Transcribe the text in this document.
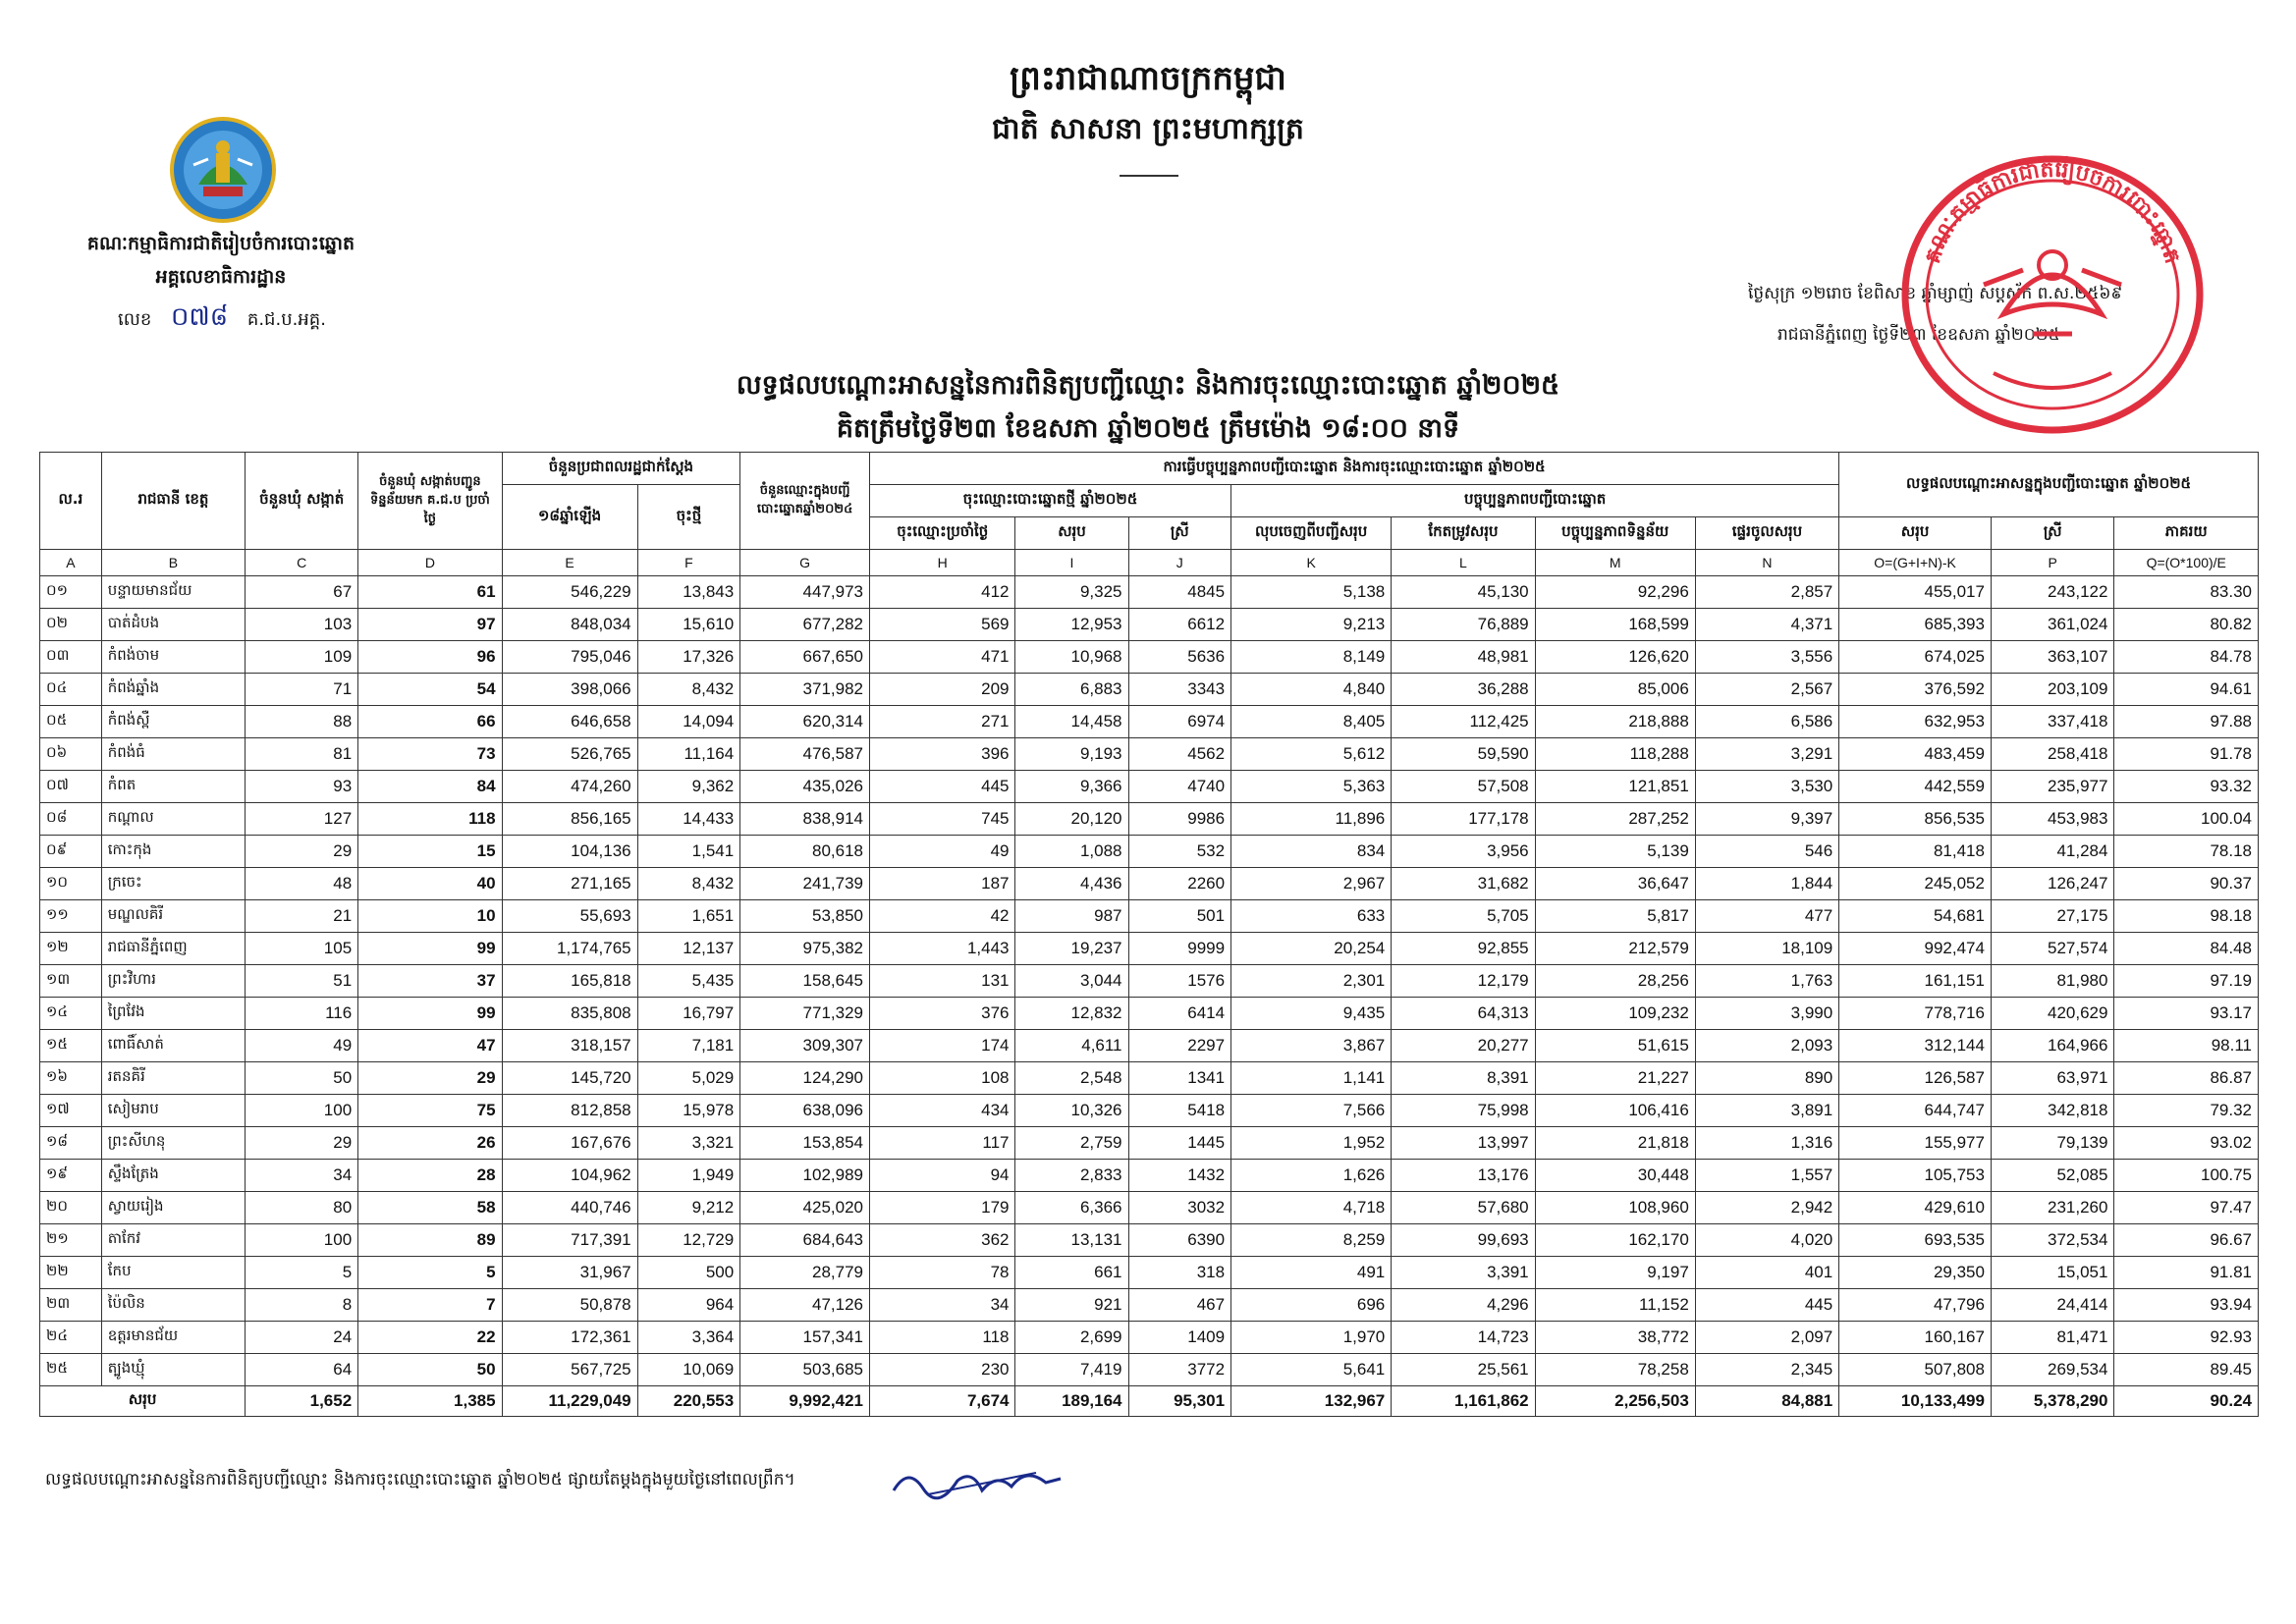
ព្រះរាជាណាចក្រកម្ពុជា
ជាតិ សាសនា ព្រះមហាក្សត្រ
គណៈកម្មាធិការជាតិរៀបចំការបោះឆ្នោត
អគ្គលេខាធិការដ្ឋាន
លេខ ០៧៨ គ.ជ.ប.អគ្គ.
ថ្ងៃសុក្រ ១២រោច ខែពិសាខ ឆ្នាំម្សាញ់ សប្តស័ក ព.ស.២៥៦៩
រាជធានីភ្នំពេញ ថ្ងៃទី២៣ ខែឧសភា ឆ្នាំ២០២៥
គណៈកម្មាធិការជាតិរៀបចំការបោះឆ្នោត
លទ្ធផលបណ្តោះអាសន្ននៃការពិនិត្យបញ្ជីឈ្មោះ និងការចុះឈ្មោះបោះឆ្នោត ឆ្នាំ២០២៥
គិតត្រឹមថ្ងៃទី២៣ ខែឧសភា ឆ្នាំ២០២៥ ត្រឹមម៉ោង ១៨:០០ នាទី
ល.រ	រាជធានី ខេត្ត	ចំនួនឃុំ សង្កាត់	ចំនួនឃុំ សង្កាត់បញ្ជូនទិន្នន័យមក គ.ជ.ប ប្រចាំថ្ងៃ	ចំនួនប្រជាពលរដ្ឋជាក់ស្តែង		ចំនួនឈ្មោះក្នុងបញ្ជីបោះឆ្នោតឆ្នាំ២០២៤	ការធ្វើបច្ចុប្បន្នភាពបញ្ជីបោះឆ្នោត និងការចុះឈ្មោះបោះឆ្នោត ឆ្នាំ២០២៥							លទ្ធផលបណ្តោះអាសន្នក្នុងបញ្ជីបោះឆ្នោត ឆ្នាំ២០២៥		
				១៨ឆ្នាំឡើង	ចុះថ្មី		ចុះឈ្មោះបោះឆ្នោតថ្មី ឆ្នាំ២០២៥			បច្ចុប្បន្នភាពបញ្ជីបោះឆ្នោត						
							ចុះឈ្មោះប្រចាំថ្ងៃ	សរុប	ស្រី	លុបចេញពីបញ្ជីសរុប	កែតម្រូវសរុប	បច្ចុប្បន្នភាពទិន្នន័យ	ផ្ទេរចូលសរុប	សរុប	ស្រី	ភាគរយ
A	B	C	D	E	F	G	H	I	J	K	L	M	N	O=(G+I+N)-K	P	Q=(O*100)/E
០១	បន្ទាយមានជ័យ	67	61	546,229	13,843	447,973	412	9,325	4845	5,138	45,130	92,296	2,857	455,017	243,122	83.30
០២	បាត់ដំបង	103	97	848,034	15,610	677,282	569	12,953	6612	9,213	76,889	168,599	4,371	685,393	361,024	80.82
០៣	កំពង់ចាម	109	96	795,046	17,326	667,650	471	10,968	5636	8,149	48,981	126,620	3,556	674,025	363,107	84.78
០៤	កំពង់ឆ្នាំង	71	54	398,066	8,432	371,982	209	6,883	3343	4,840	36,288	85,006	2,567	376,592	203,109	94.61
០៥	កំពង់ស្ពឺ	88	66	646,658	14,094	620,314	271	14,458	6974	8,405	112,425	218,888	6,586	632,953	337,418	97.88
០៦	កំពង់ធំ	81	73	526,765	11,164	476,587	396	9,193	4562	5,612	59,590	118,288	3,291	483,459	258,418	91.78
០៧	កំពត	93	84	474,260	9,362	435,026	445	9,366	4740	5,363	57,508	121,851	3,530	442,559	235,977	93.32
០៨	កណ្តាល	127	118	856,165	14,433	838,914	745	20,120	9986	11,896	177,178	287,252	9,397	856,535	453,983	100.04
០៩	កោះកុង	29	15	104,136	1,541	80,618	49	1,088	532	834	3,956	5,139	546	81,418	41,284	78.18
១០	ក្រចេះ	48	40	271,165	8,432	241,739	187	4,436	2260	2,967	31,682	36,647	1,844	245,052	126,247	90.37
១១	មណ្ឌលគិរី	21	10	55,693	1,651	53,850	42	987	501	633	5,705	5,817	477	54,681	27,175	98.18
១២	រាជធានីភ្នំពេញ	105	99	1,174,765	12,137	975,382	1,443	19,237	9999	20,254	92,855	212,579	18,109	992,474	527,574	84.48
១៣	ព្រះវិហារ	51	37	165,818	5,435	158,645	131	3,044	1576	2,301	12,179	28,256	1,763	161,151	81,980	97.19
១៤	ព្រៃវែង	116	99	835,808	16,797	771,329	376	12,832	6414	9,435	64,313	109,232	3,990	778,716	420,629	93.17
១៥	ពោធិ៍សាត់	49	47	318,157	7,181	309,307	174	4,611	2297	3,867	20,277	51,615	2,093	312,144	164,966	98.11
១៦	រតនគិរី	50	29	145,720	5,029	124,290	108	2,548	1341	1,141	8,391	21,227	890	126,587	63,971	86.87
១៧	សៀមរាប	100	75	812,858	15,978	638,096	434	10,326	5418	7,566	75,998	106,416	3,891	644,747	342,818	79.32
១៨	ព្រះសីហនុ	29	26	167,676	3,321	153,854	117	2,759	1445	1,952	13,997	21,818	1,316	155,977	79,139	93.02
១៩	ស្ទឹងត្រែង	34	28	104,962	1,949	102,989	94	2,833	1432	1,626	13,176	30,448	1,557	105,753	52,085	100.75
២០	ស្វាយរៀង	80	58	440,746	9,212	425,020	179	6,366	3032	4,718	57,680	108,960	2,942	429,610	231,260	97.47
២១	តាកែវ	100	89	717,391	12,729	684,643	362	13,131	6390	8,259	99,693	162,170	4,020	693,535	372,534	96.67
២២	កែប	5	5	31,967	500	28,779	78	661	318	491	3,391	9,197	401	29,350	15,051	91.81
២៣	ប៉ៃលិន	8	7	50,878	964	47,126	34	921	467	696	4,296	11,152	445	47,796	24,414	93.94
២៤	ឧត្តរមានជ័យ	24	22	172,361	3,364	157,341	118	2,699	1409	1,970	14,723	38,772	2,097	160,167	81,471	92.93
២៥	ត្បូងឃ្មុំ	64	50	567,725	10,069	503,685	230	7,419	3772	5,641	25,561	78,258	2,345	507,808	269,534	89.45
សរុប		1,652	1,385	11,229,049	220,553	9,992,421	7,674	189,164	95,301	132,967	1,161,862	2,256,503	84,881	10,133,499	5,378,290	90.24
លទ្ធផលបណ្តោះអាសន្ននៃការពិនិត្យបញ្ជីឈ្មោះ និងការចុះឈ្មោះបោះឆ្នោត ឆ្នាំ២០២៥ ផ្សាយតែម្តងក្នុងមួយថ្ងៃនៅពេលព្រឹក។
